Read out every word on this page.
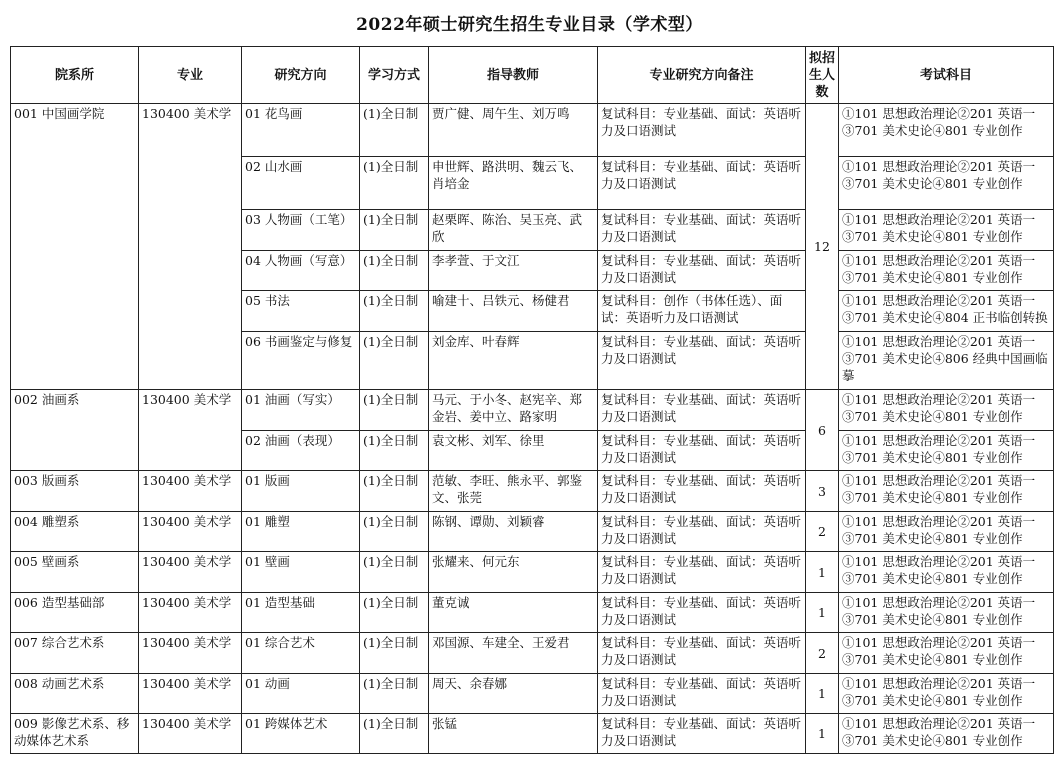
2022年硕士研究生招生专业目录（学术型）
院系所	专业	研究方向	学习方式	指导教师	专业研究方向备注	拟招生人数	考试科目
001 中国画学院	130400 美术学	01 花鸟画	(1)全日制	贾广健、周午生、刘万鸣	复试科目：专业基础、面试：英语听力及口语测试	12	①101 思想政治理论②201 英语一
③701 美术史论④801 专业创作
		02 山水画	(1)全日制	申世辉、路洪明、魏云飞、肖培金	复试科目：专业基础、面试：英语听力及口语测试		①101 思想政治理论②201 英语一
③701 美术史论④801 专业创作
		03 人物画（工笔）	(1)全日制	赵栗晖、陈治、吴玉亮、武欣	复试科目：专业基础、面试：英语听力及口语测试		①101 思想政治理论②201 英语一
③701 美术史论④801 专业创作
		04 人物画（写意）	(1)全日制	李孝萱、于文江	复试科目：专业基础、面试：英语听力及口语测试		①101 思想政治理论②201 英语一
③701 美术史论④801 专业创作
		05 书法	(1)全日制	喻建十、吕铁元、杨健君	复试科目：创作（书体任选）、面试：英语听力及口语测试		①101 思想政治理论②201 英语一
③701 美术史论④804 正书临创转换
		06 书画鉴定与修复	(1)全日制	刘金库、叶春辉	复试科目：专业基础、面试：英语听力及口语测试		①101 思想政治理论②201 英语一
③701 美术史论④806 经典中国画临摹
002 油画系	130400 美术学	01 油画（写实）	(1)全日制	马元、于小冬、赵宪辛、郑金岩、姜中立、路家明	复试科目：专业基础、面试：英语听力及口语测试	6	①101 思想政治理论②201 英语一
③701 美术史论④801 专业创作
		02 油画（表现）	(1)全日制	袁文彬、刘军、徐里	复试科目：专业基础、面试：英语听力及口语测试		①101 思想政治理论②201 英语一
③701 美术史论④801 专业创作
003 版画系	130400 美术学	01 版画	(1)全日制	范敏、李旺、熊永平、郭鉴文、张莞	复试科目：专业基础、面试：英语听力及口语测试	3	①101 思想政治理论②201 英语一
③701 美术史论④801 专业创作
004 雕塑系	130400 美术学	01 雕塑	(1)全日制	陈钢、谭勋、刘颖睿	复试科目：专业基础、面试：英语听力及口语测试	2	①101 思想政治理论②201 英语一
③701 美术史论④801 专业创作
005 壁画系	130400 美术学	01 壁画	(1)全日制	张耀来、何元东	复试科目：专业基础、面试：英语听力及口语测试	1	①101 思想政治理论②201 英语一
③701 美术史论④801 专业创作
006 造型基础部	130400 美术学	01 造型基础	(1)全日制	董克诚	复试科目：专业基础、面试：英语听力及口语测试	1	①101 思想政治理论②201 英语一
③701 美术史论④801 专业创作
007 综合艺术系	130400 美术学	01 综合艺术	(1)全日制	邓国源、车建全、王爱君	复试科目：专业基础、面试：英语听力及口语测试	2	①101 思想政治理论②201 英语一
③701 美术史论④801 专业创作
008 动画艺术系	130400 美术学	01 动画	(1)全日制	周天、余春娜	复试科目：专业基础、面试：英语听力及口语测试	1	①101 思想政治理论②201 英语一
③701 美术史论④801 专业创作
009 影像艺术系、移动媒体艺术系	130400 美术学	01 跨媒体艺术	(1)全日制	张锰	复试科目：专业基础、面试：英语听力及口语测试	1	①101 思想政治理论②201 英语一
③701 美术史论④801 专业创作
